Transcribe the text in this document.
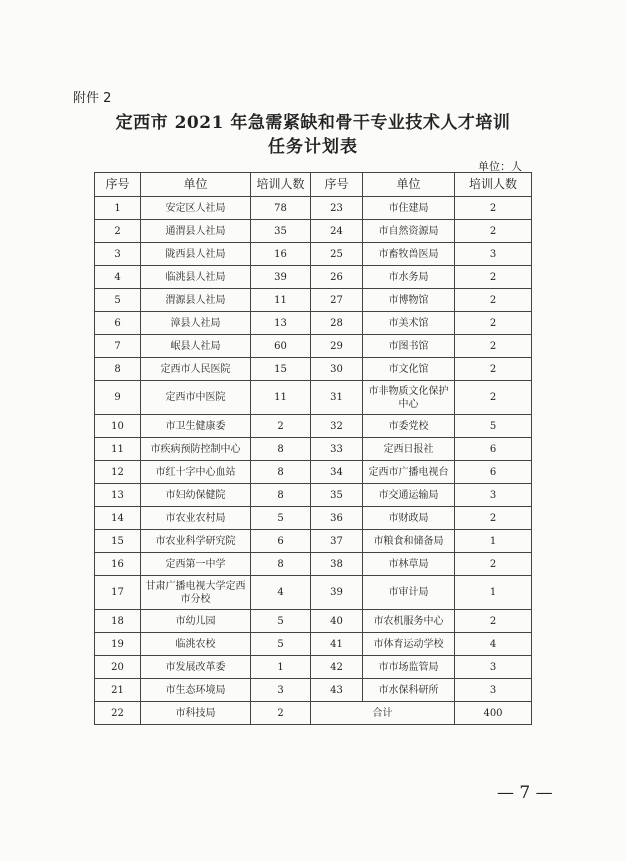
附件 2
定西市 2021 年急需紧缺和骨干专业技术人才培训
任务计划表
单位：人
序号	单位	培训人数	序号	单位	培训人数
1	安定区人社局	78	23	市住建局	2
2	通渭县人社局	35	24	市自然资源局	2
3	陇西县人社局	16	25	市畜牧兽医局	3
4	临洮县人社局	39	26	市水务局	2
5	渭源县人社局	11	27	市博物馆	2
6	漳县人社局	13	28	市美术馆	2
7	岷县人社局	60	29	市图书馆	2
8	定西市人民医院	15	30	市文化馆	2
9	定西市中医院	11	31	市非物质文化保护中心	2
10	市卫生健康委	2	32	市委党校	5
11	市疾病预防控制中心	8	33	定西日报社	6
12	市红十字中心血站	8	34	定西市广播电视台	6
13	市妇幼保健院	8	35	市交通运输局	3
14	市农业农村局	5	36	市财政局	2
15	市农业科学研究院	6	37	市粮食和储备局	1
16	定西第一中学	8	38	市林草局	2
17	甘肃广播电视大学定西市分校	4	39	市审计局	1
18	市幼儿园	5	40	市农机服务中心	2
19	临洮农校	5	41	市体育运动学校	4
20	市发展改革委	1	42	市市场监管局	3
21	市生态环境局	3	43	市水保科研所	3
22	市科技局	2	合计		400
— 7 —
